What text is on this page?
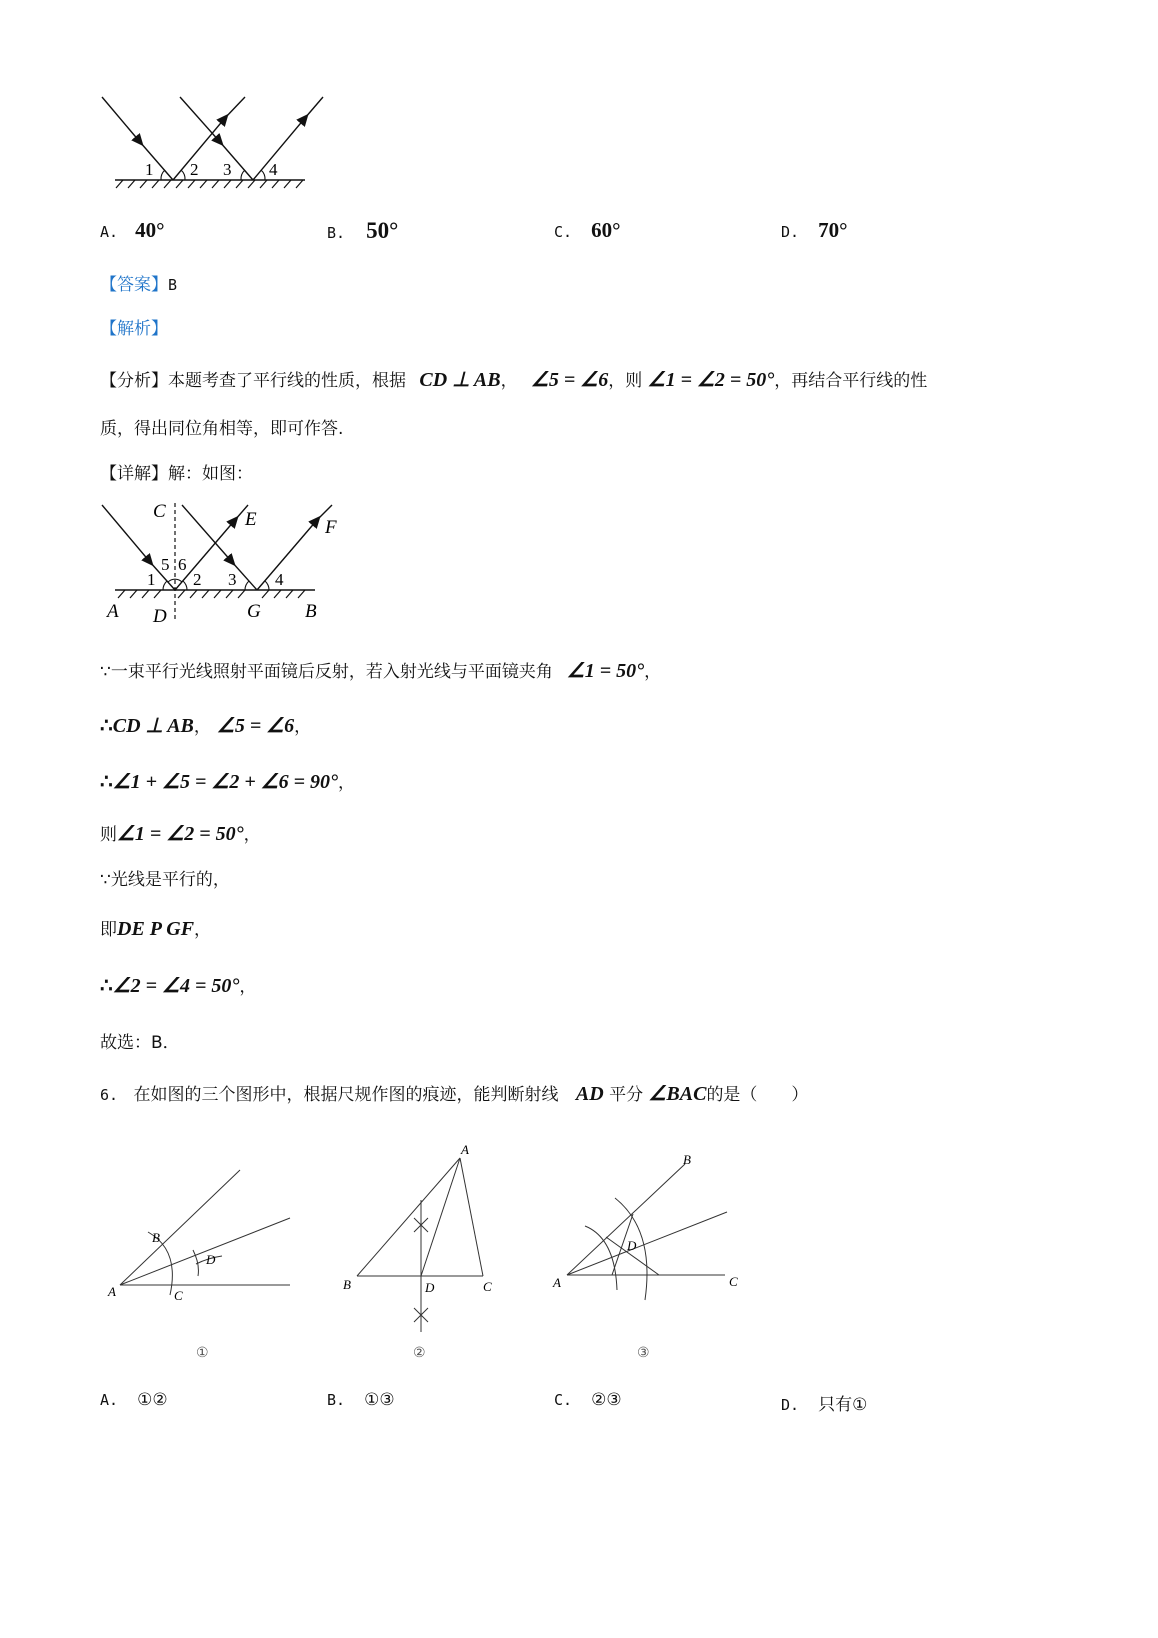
1 2 3 4
A. 40°	B. 50°	C. 60°	D. 70°
【答案】B
【解析】
【分析】本题考查了平行线的性质，根据 CD ⊥ AB， ∠5 = ∠6，则 ∠1 = ∠2 = 50°，再结合平行线的性
质，得出同位角相等，即可作答.
【详解】解：如图：
C	E	F
5 6
1 2 3 4
A D	G B
∵一束平行光线照射平面镜后反射，若入射光线与平面镜夹角 ∠1 = 50°，
∴CD ⊥ AB， ∠5 = ∠6，
∴∠1 + ∠5 = ∠2 + ∠6 = 90°，
则∠1 = ∠2 = 50°，
∵光线是平行的，
即DE P GF，
∴∠2 = ∠4 = 50°，
故选：B．
6. 在如图的三个图形中，根据尺规作图的痕迹，能判断射线 AD 平分 ∠BAC的是（　　）
B
D
A	C
①
A
B	D	C
②
B
D
A	C
③
A. ①②	B. ①③	C. ②③	D. 只有①
